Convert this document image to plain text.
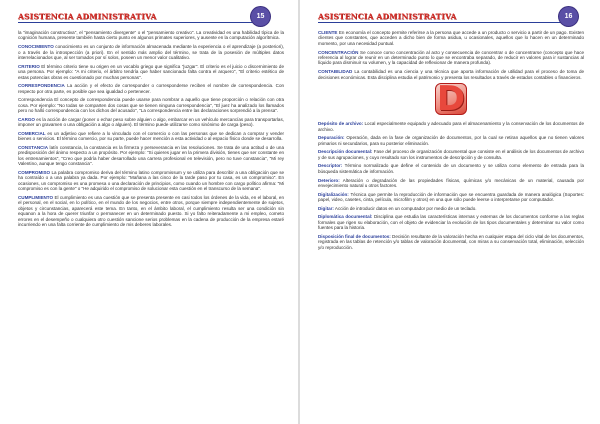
ASISTENCIA ADMINISTRATIVA	15

la "imaginación constructiva", el "pensamiento divergente" o el "pensamiento creativo". La creatividad es una habilidad típica de la cognición humana, presente también hasta cierto punto en algunos primates superiores, y ausente en la computación algorítmica.

CONOCIMIENTO conocimiento es un conjunto de información almacenada mediante la experiencia o el aprendizaje (a posteriori), o a través de la introspección (a priori). En el sentido más amplio del término, se trata de la posesión de múltiples datos interrelacionados que, al ser tomados por sí solos, poseen un menor valor cualitativo.

CRITERIO El término criterio tiene su origen en un vocablo griego que significa "juzgar". El criterio es el juicio o discernimiento de una persona. Por ejemplo: "A mi criterio, el árbitro tendría que haber sancionado falta contra el arquero", "El criterio estético de estas potencias obras es cuestionado por muchas personas".

CORRESPONDENCIA La acción y el efecto de corresponder o corresponderse reciben el nombre de correspondencia. Con respecto por otra parte, es posible que sea igualdad o pertenecer.

Correspondencia El concepto de correspondencia puede usarse para nombrar a aquello que tiene proporción o relación con otra cosa. Por ejemplo: "No todas se comparten dos cosas que se tienen ninguna correspondencia", "El juez ha analizado los llamados pero no halló correspondencia con los dichos del acusado", "La correspondencia entre las declaraciones sorprendió a la prensa".

CARGO es la acción de cargar (poner o echar peso sobre alguien o algo, embarcar en un vehículo mercancías para transportarlas, imponer un gravamen o una obligación a algo o alguien). El término puede utilizarse como sinónimo de carga (peso).

COMERCIAL es un adjetivo que refiere a lo vinculado con el comercio o con las personas que se dedican a comprar y vender bienes o servicios. El término comercio, por su parte, puede hacer mención a esta actividad o al espacio físico donde se desarrolla.

CONSTANCIA latín constancia, la constancia es la firmeza y perseverancia en las resoluciones. Se trata de una actitud o de una predisposición del ánimo respecto a un propósito. Por ejemplo: "Si quieres jugar en la primera división, tienes que ser constante en los entrenamientos", "Creo que podría haber desarrollado una carrera profesional en televisión, pero no tuve constancia", "Mi rey Valentino, aunque tengo constancia".

COMPROMISO La palabra compromiso deriva del término latino compromissum y se utiliza para describir a una obligación que se ha contraído o a una palabra ya dada. Por ejemplo: "Mañana a las cinco de la tarde paso por tu casa, es un compromiso". En ocasiones, un compromiso es una promesa o una declaración de principios, como cuando un hombre con cargo político afirma: "Mi compromiso es con la gente" o "He adquirido el compromiso de solucionar esta cuestión en el transcurso de la semana".

CUMPLIMIENTO El cumplimiento es una cuestión que se presenta presente en casi todos los órdenes de la vida, en el laboral, en el personal, en el social, en lo político, en el mundo de los negocios, entre otros, porque siempre independientemente de sujetos, objetos y circunstancias, aparecerá este tema. En tanto, en el ámbito laboral, el cumplimiento resulta ser una condición sin equanon a la hora de querer triunfar o permanecer en un determinado puesto. Si yo falto reiteradamente a mi empleo, cometo errores en el desempeño o cualquiera otro cuestión sancione serios problemas en la cadena de producción de la empresa estaré incurriendo en una falta corriente de cumplimiento de mis deberes laborales.

ASISTENCIA ADMINISTRATIVA	16

CLIENTE En economía el concepto permite referirse a la persona que accede a un producto o servicio a partir de un pago. Existen clientes que constantes, que acceden a dicho bien de forma asidua, u ocasionales, aquellos que lo hacen en un determinado momento, por una necesidad puntual.

CONCENTRACIÓN Se conoce como concentración al acto y consecuencia de concentrar o de concentrarse (concepto que hace referencia al lograr de reunir en un determinado punto lo que se encontraba separado, de reducir en valores para ir sustancias al líquido para disminuir su volumen, y la capacidad de reflexionar de manera profunda).

CONTABILIDAD La contabilidad es una ciencia y una técnica que aporta información de utilidad para el proceso de toma de decisiones económicas. Esta disciplina estudia el patrimonio y presenta los resultados a través de estados contables o financieros.

D

Depósito de archivo: Local especialmente equipado y adecuado para el almacenamiento y la conservación de los documentos de archivo.

Depuración: Operación, dada en la fase de organización de documentos, por la cual se retiran aquellos que no tienen valores primarios ni secundarios, para su posterior eliminación.

Descripción documental: Fase del proceso de organización documental que consiste en el análisis de los documentos de archivo y de sus agrupaciones, y cuyo resultado son los instrumentos de descripción y de consulta.

Descriptor: Término normalizado que define el contenido de un documento y se utiliza como elemento de entrada para la búsqueda sistemática de información.

Deterioro: Alteración o degradación de las propiedades físicas, químicas y/o mecánicas de un material, causada por envejecimiento natural u otros factores.

Digitalización: Técnica que permite la reproducción de información que se encuentra guardada de manera analógica (Soportes: papel, video, casetes, cinta, película, microfilm y otros) en una que sólo puede leerse o interpretarse por computador.

Digitar: Acción de introducir datos en un computador por medio de un teclado.

Diplomática documental: Disciplina que estudia las características internas y externas de los documentos conforme a las reglas formales que rigen su elaboración, con el objeto de evidenciar la evolución de los tipos documentales y determinar su valor como fuentes para la historia.

Disposición final de documentos: Decisión resultante de la valoración hecha en cualquier etapa del ciclo vital de los documentos, registrada en las tablas de retención y/o tablas de valoración documental, con miras a su conservación total, eliminación, selección y/o reproducción.
